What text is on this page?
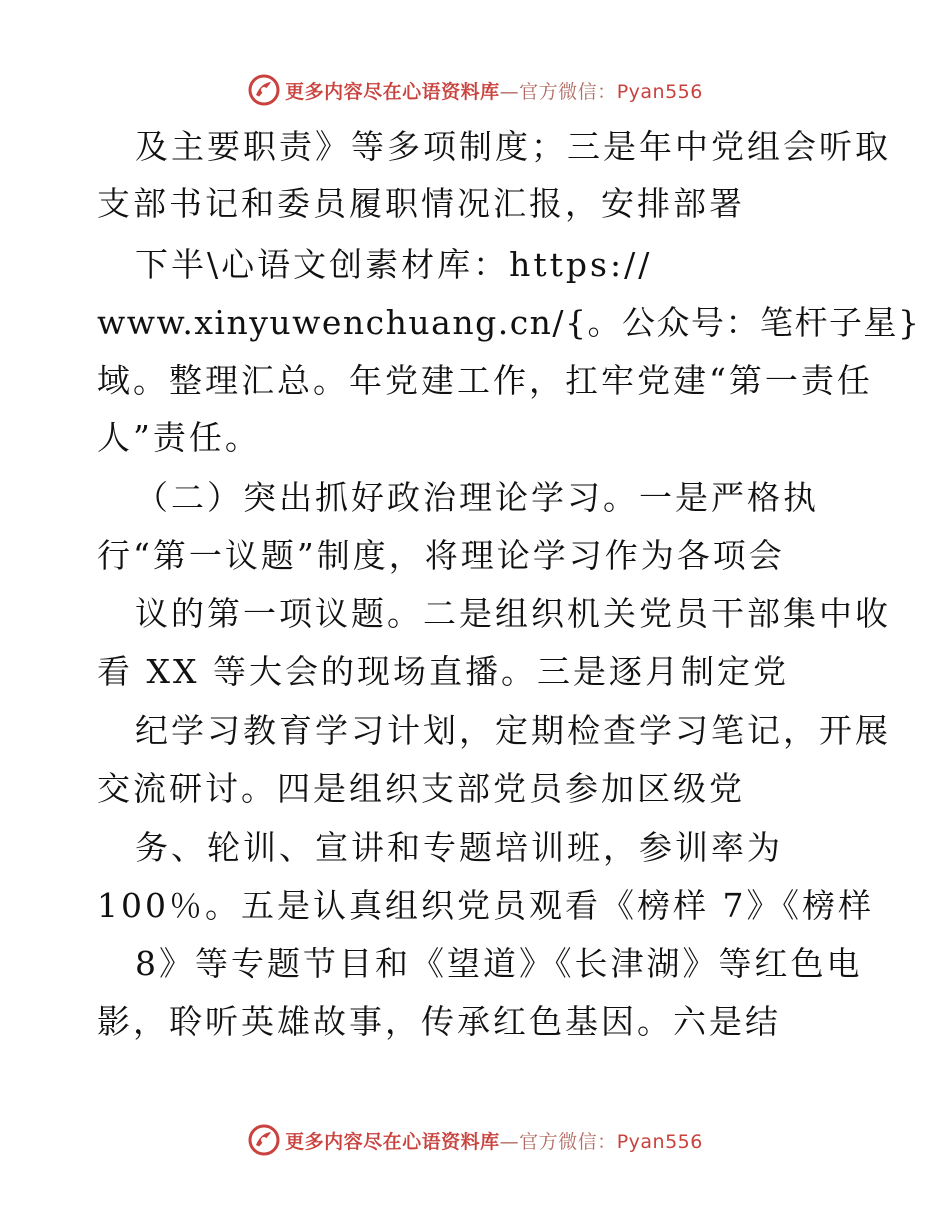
更多内容尽在心语资料库—官方微信：Pyan556
及主要职责》等多项制度；三是年中党组会听取
支部书记和委员履职情况汇报，安排部署
下半\心语文创素材库：https://
www.xinyuwenchuang.cn/{。公众号：笔杆子星}
域。整理汇总。年党建工作，扛牢党建“第一责任
人”责任。
（二）突出抓好政治理论学习。一是严格执
行“第一议题”制度，将理论学习作为各项会
议的第一项议题。二是组织机关党员干部集中收
看 XX 等大会的现场直播。三是逐月制定党
纪学习教育学习计划，定期检查学习笔记，开展
交流研讨。四是组织支部党员参加区级党
务、轮训、宣讲和专题培训班，参训率为
100％。五是认真组织党员观看《榜样 7》《榜样
8》等专题节目和《望道》《长津湖》等红色电
影，聆听英雄故事，传承红色基因。六是结
更多内容尽在心语资料库—官方微信：Pyan556
